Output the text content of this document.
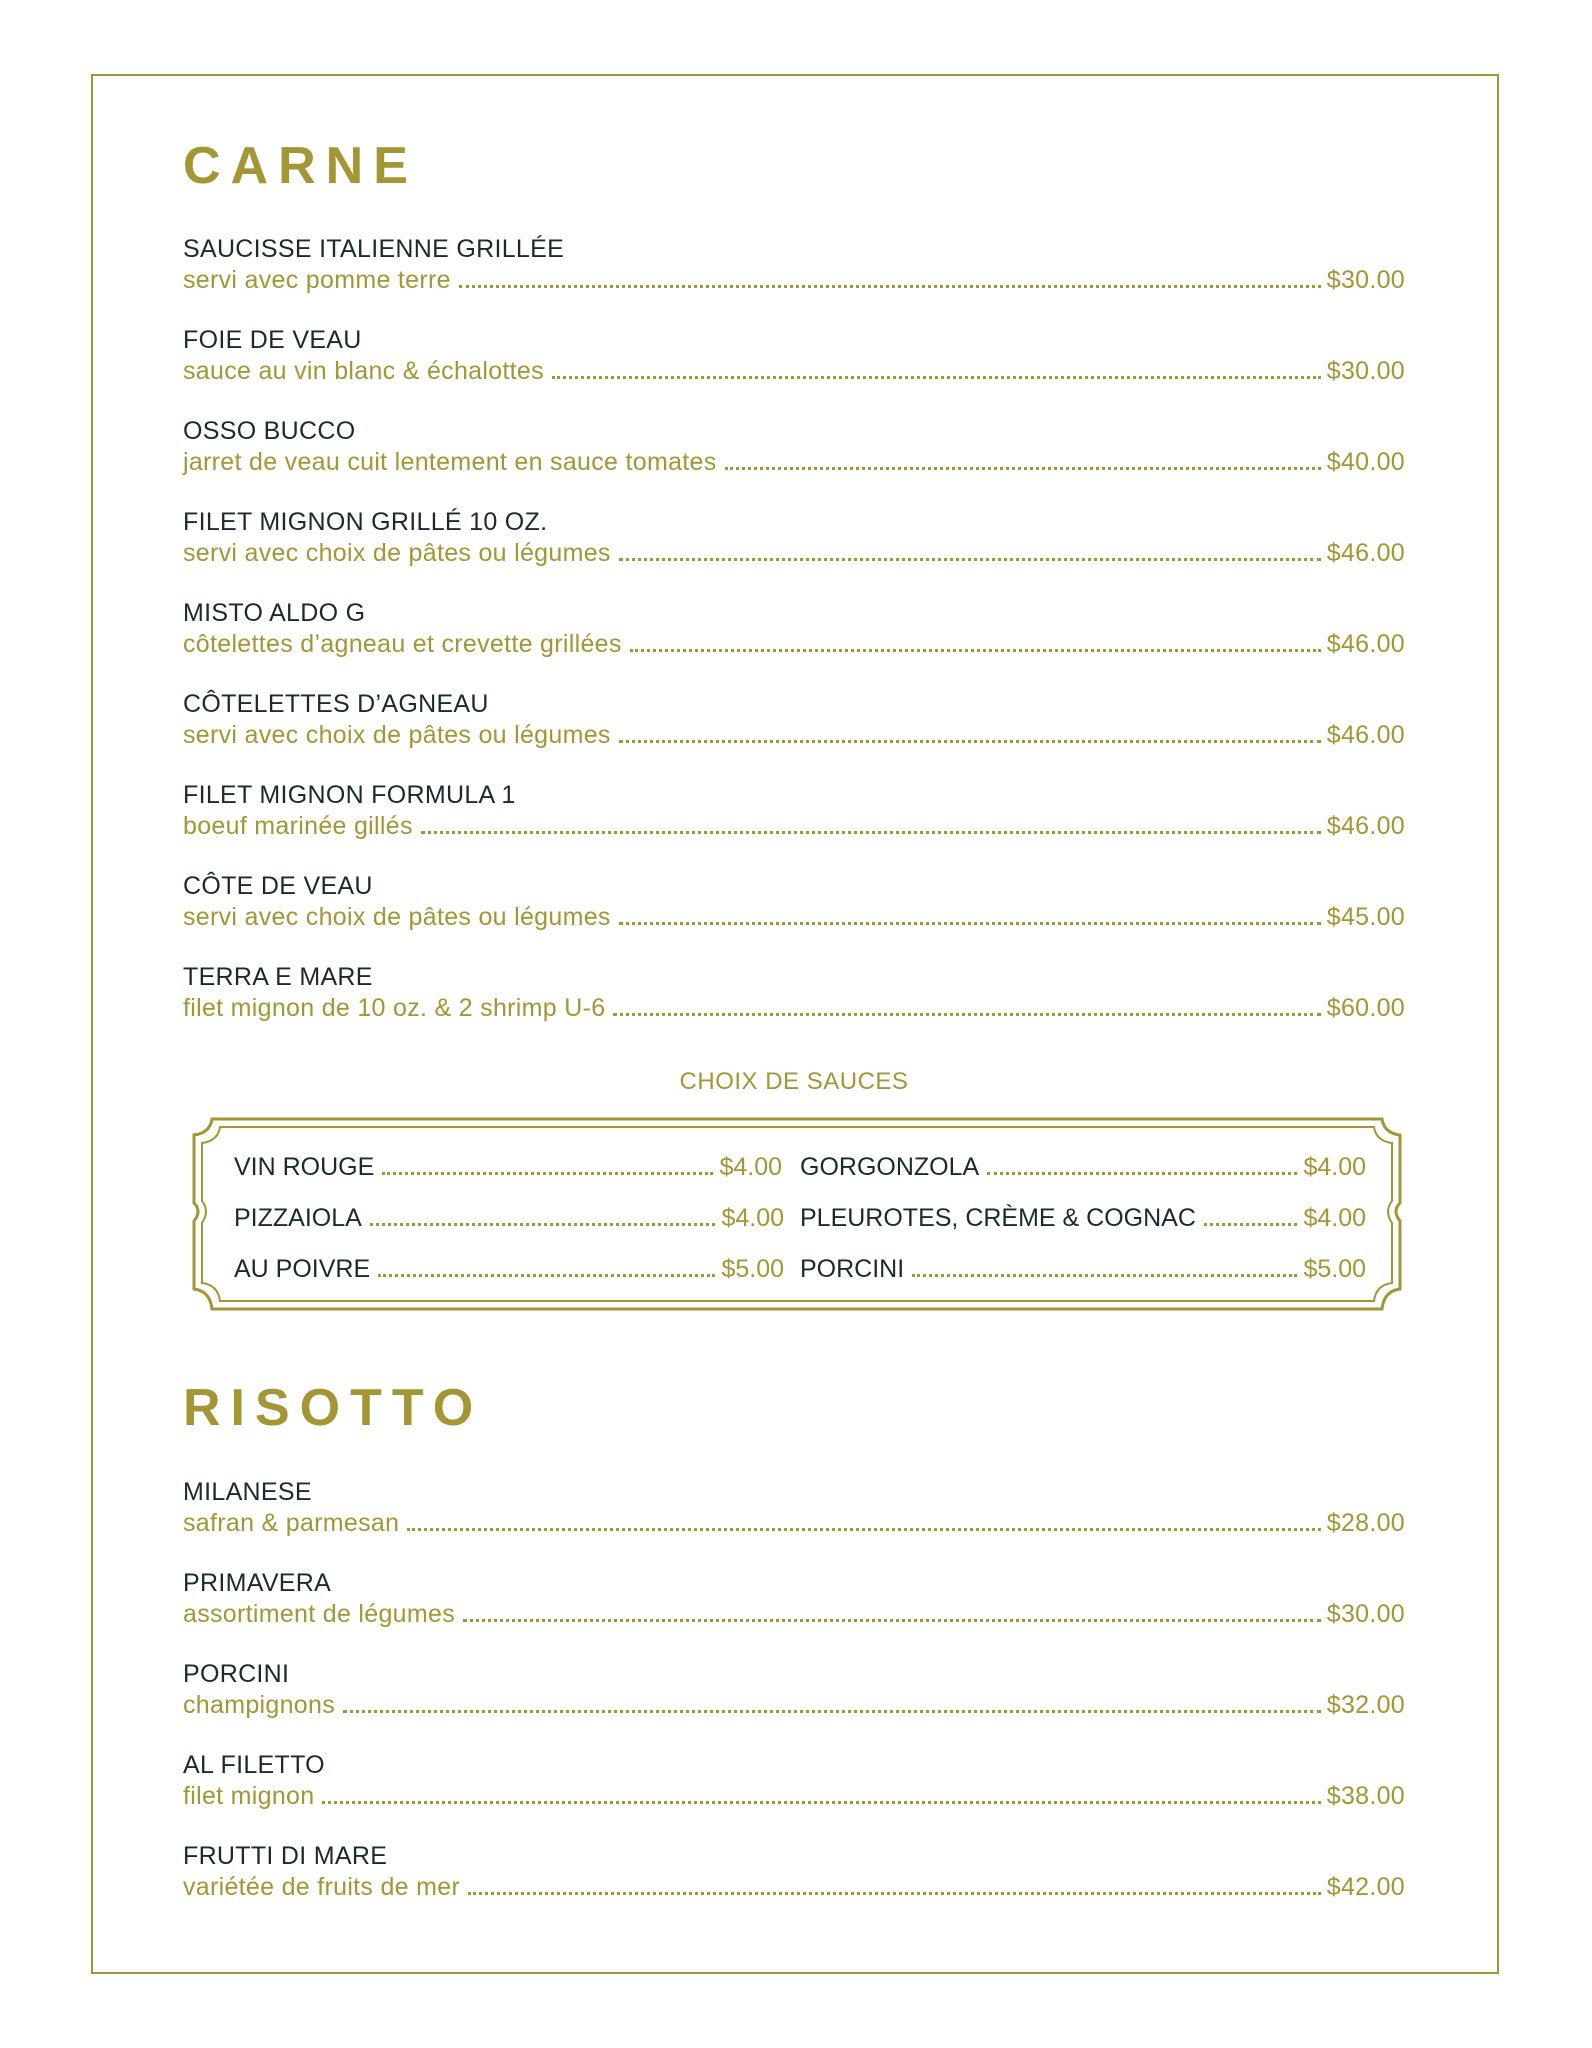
CARNE
SAUCISSE ITALIENNE GRILLÉE
servi avec pomme terre	$30.00
FOIE DE VEAU
sauce au vin blanc & échalottes	$30.00
OSSO BUCCO
jarret de veau cuit lentement en sauce tomates	$40.00
FILET MIGNON GRILLÉ 10 OZ.
servi avec choix de pâtes ou légumes	$46.00
MISTO ALDO G
côtelettes d’agneau et crevette grillées	$46.00
CÔTELETTES D’AGNEAU
servi avec choix de pâtes ou légumes	$46.00
FILET MIGNON FORMULA 1
boeuf marinée gillés	$46.00
CÔTE DE VEAU
servi avec choix de pâtes ou légumes	$45.00
TERRA E MARE
filet mignon de 10 oz. & 2 shrimp U-6	$60.00
CHOIX DE SAUCES
RISOTTO
MILANESE
safran & parmesan	$28.00
PRIMAVERA
assortiment de légumes	$30.00
PORCINI
champignons	$32.00
AL FILETTO
filet mignon	$38.00
FRUTTI DI MARE
variétée de fruits de mer	$42.00
VIN ROUGE	$4.00
PIZZAIOLA	$4.00
AU POIVRE	$5.00
GORGONZOLA	$4.00
PLEUROTES, CRÈME & COGNAC	$4.00
PORCINI	$5.00
